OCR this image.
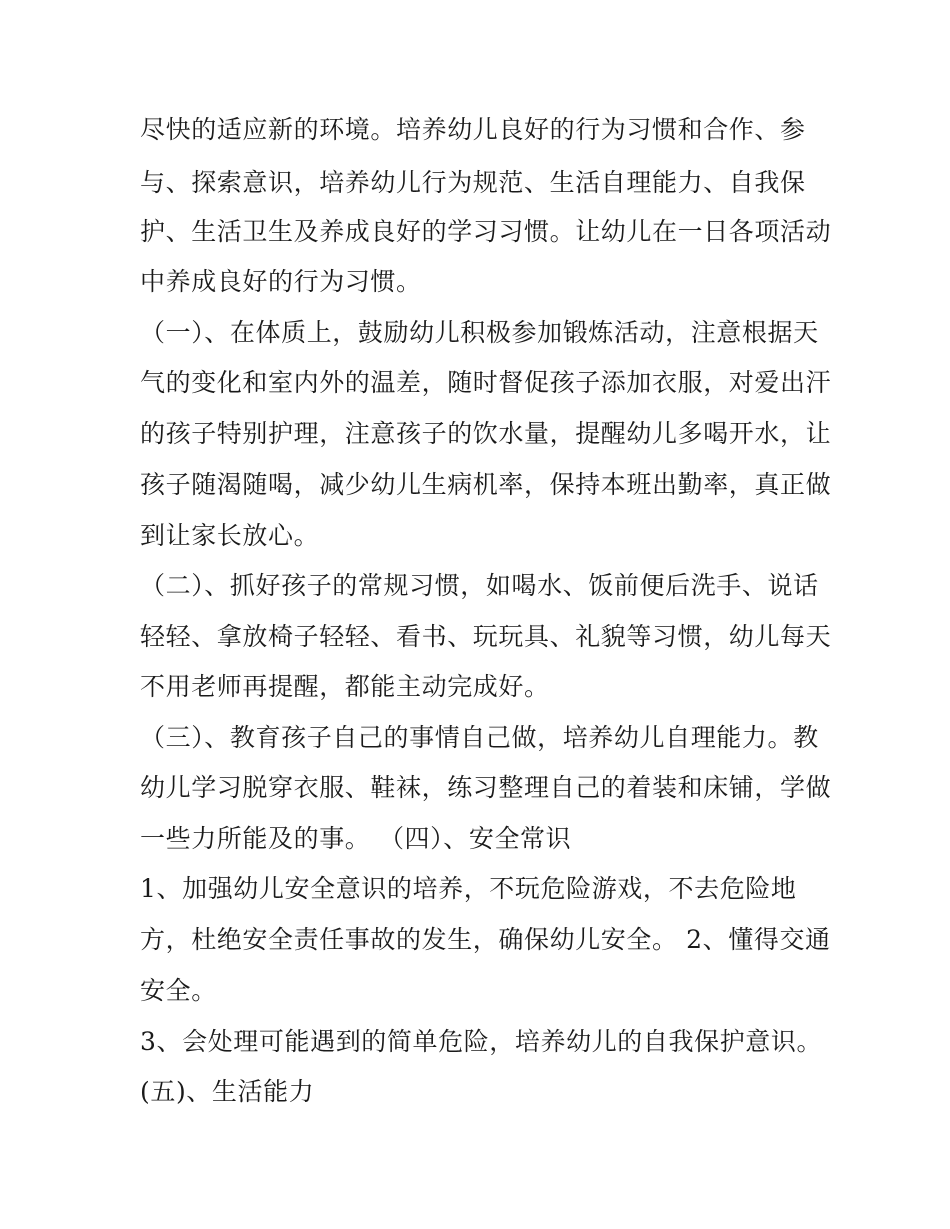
尽快的适应新的环境。培养幼儿良好的行为习惯和合作、参
与、探索意识，培养幼儿行为规范、生活自理能力、自我保
护、生活卫生及养成良好的学习习惯。让幼儿在一日各项活动
中养成良好的行为习惯。
（一）、在体质上，鼓励幼儿积极参加锻炼活动，注意根据天
气的变化和室内外的温差，随时督促孩子添加衣服，对爱出汗
的孩子特别护理，注意孩子的饮水量，提醒幼儿多喝开水，让
孩子随渴随喝，减少幼儿生病机率，保持本班出勤率，真正做
到让家长放心。
（二）、抓好孩子的常规习惯，如喝水、饭前便后洗手、说话
轻轻、拿放椅子轻轻、看书、玩玩具、礼貌等习惯，幼儿每天
不用老师再提醒，都能主动完成好。
（三）、教育孩子自己的事情自己做，培养幼儿自理能力。教
幼儿学习脱穿衣服、鞋袜，练习整理自己的着装和床铺，学做
一些力所能及的事。 （四）、安全常识
1、加强幼儿安全意识的培养，不玩危险游戏，不去危险地
方，杜绝安全责任事故的发生，确保幼儿安全。 2、懂得交通
安全。
3、会处理可能遇到的简单危险，培养幼儿的自我保护意识。
(五)、生活能力
